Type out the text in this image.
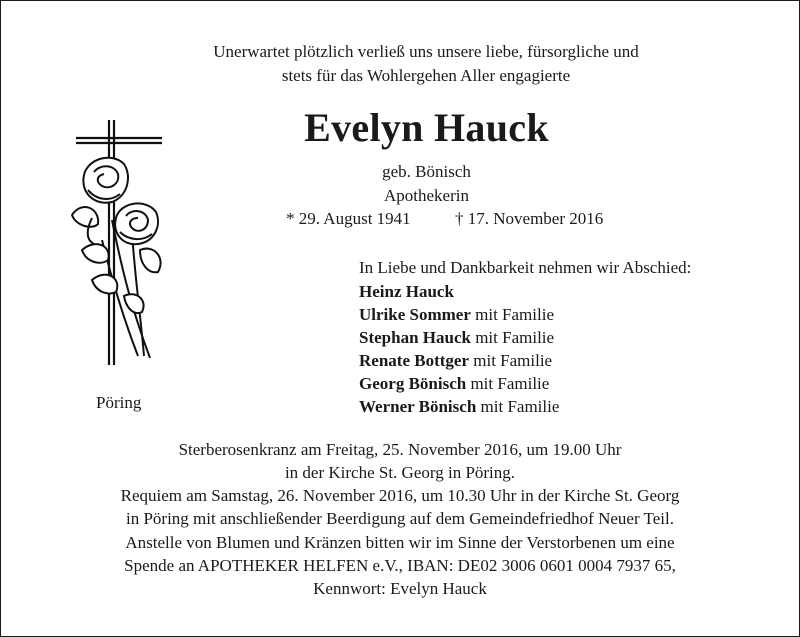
Unerwartet plötzlich verließ uns unsere liebe, fürsorgliche und
stets für das Wohlergehen Aller engagierte
Evelyn Hauck
geb. Bönisch
Apothekerin
* 29. August 1941	† 17. November 2016
In Liebe und Dankbarkeit nehmen wir Abschied:
Heinz Hauck
Ulrike Sommer mit Familie
Stephan Hauck mit Familie
Renate Bottger mit Familie
Georg Bönisch mit Familie
Werner Bönisch mit Familie
Pöring
Sterberosenkranz am Freitag, 25. November 2016, um 19.00 Uhr
in der Kirche St. Georg in Pöring.
Requiem am Samstag, 26. November 2016, um 10.30 Uhr in der Kirche St. Georg
in Pöring mit anschließender Beerdigung auf dem Gemeindefriedhof Neuer Teil.
Anstelle von Blumen und Kränzen bitten wir im Sinne der Verstorbenen um eine
Spende an APOTHEKER HELFEN e.V., IBAN: DE02 3006 0601 0004 7937 65,
Kennwort: Evelyn Hauck
